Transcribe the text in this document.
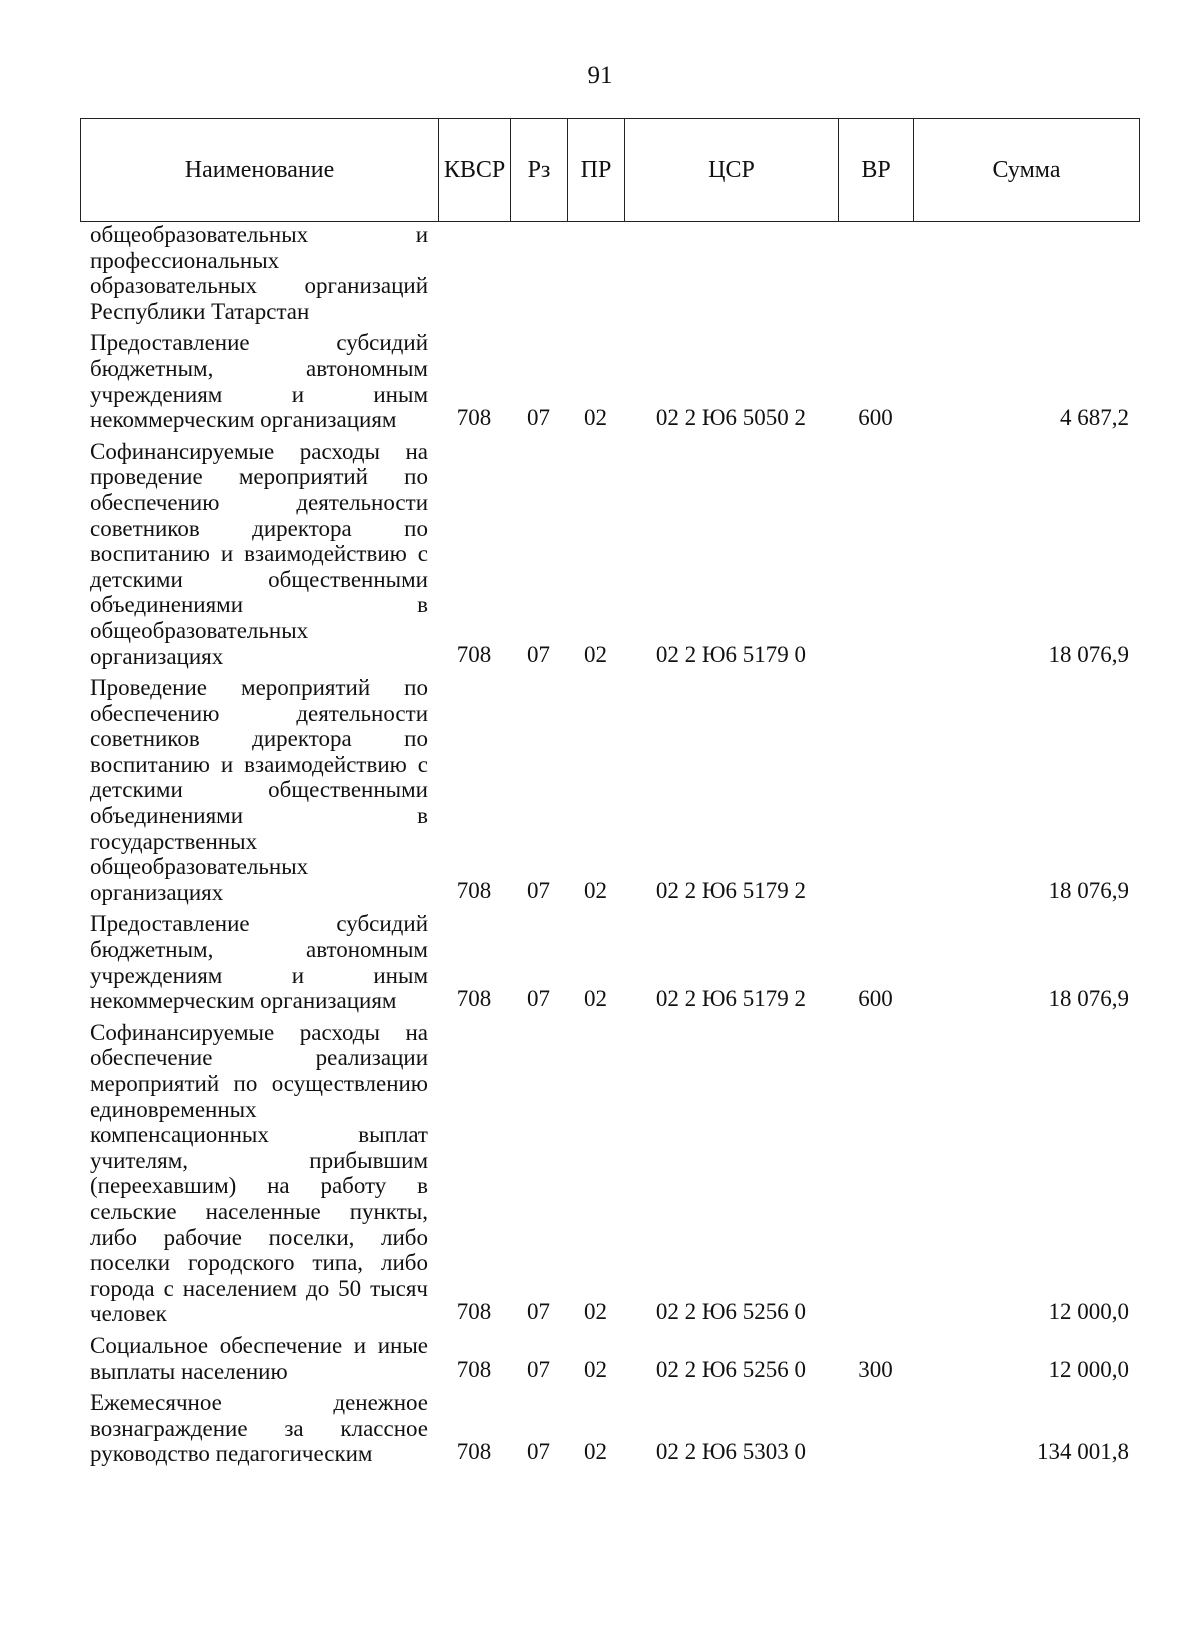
91
Наименование	КВСР	Рз	ПР	ЦСР	ВР	Сумма
общеобразовательных и профессиональных образовательных организаций Республики Татарстан						
Предоставление субсидий бюджетным, автономным учреждениям и иным некоммерческим организациям	708	07	02	02 2 Ю6 5050 2	600	4 687,2
Софинансируемые расходы на проведение мероприятий по обеспечению деятельности советников директора по воспитанию и взаимодействию с детскими общественными объединениями в общеобразовательных организациях	708	07	02	02 2 Ю6 5179 0		18 076,9
Проведение мероприятий по обеспечению деятельности советников директора по воспитанию и взаимодействию с детскими общественными объединениями в государственных общеобразовательных организациях	708	07	02	02 2 Ю6 5179 2		18 076,9
Предоставление субсидий бюджетным, автономным учреждениям и иным некоммерческим организациям	708	07	02	02 2 Ю6 5179 2	600	18 076,9
Софинансируемые расходы на обеспечение реализации мероприятий по осуществлению единовременных компенсационных выплат учителям, прибывшим (переехавшим) на работу в сельские населенные пункты, либо рабочие поселки, либо поселки городского типа, либо города с населением до 50 тысяч человек	708	07	02	02 2 Ю6 5256 0		12 000,0
Социальное обеспечение и иные выплаты населению	708	07	02	02 2 Ю6 5256 0	300	12 000,0
Ежемесячное денежное вознаграждение за классное руководство педагогическим	708	07	02	02 2 Ю6 5303 0		134 001,8
